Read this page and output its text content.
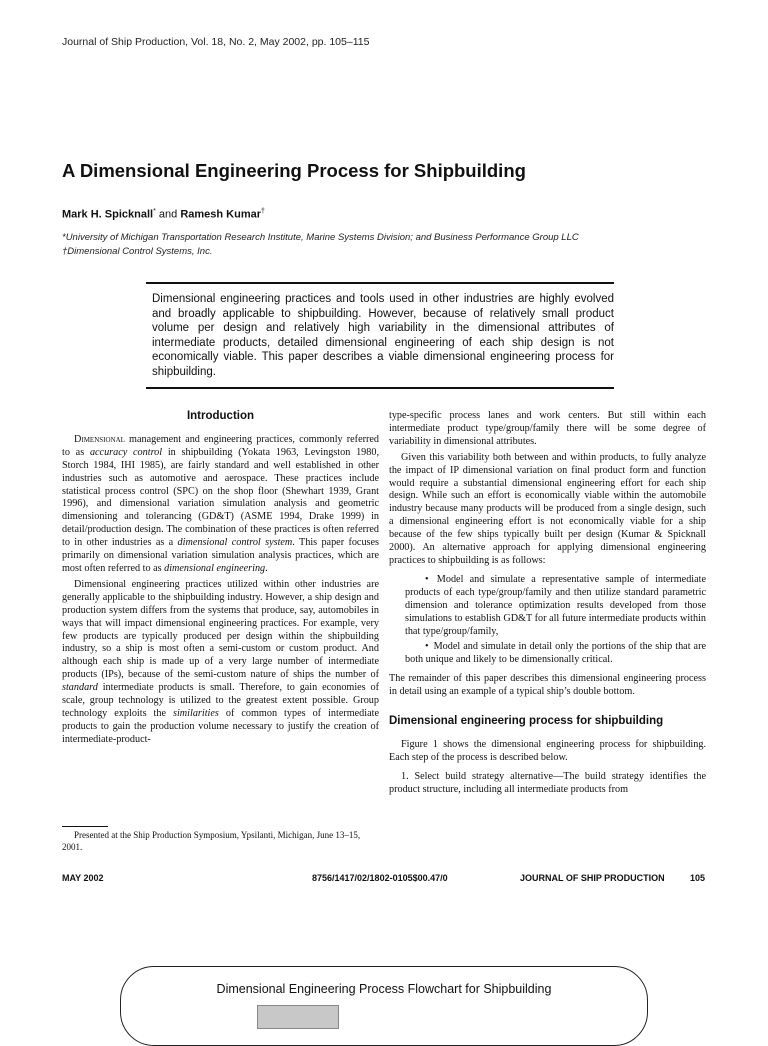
Journal of Ship Production, Vol. 18, No. 2, May 2002, pp. 105–115
A Dimensional Engineering Process for Shipbuilding
Mark H. Spicknall* and Ramesh Kumar†
*University of Michigan Transportation Research Institute, Marine Systems Division; and Business Performance Group LLC
†Dimensional Control Systems, Inc.
Dimensional engineering practices and tools used in other industries are highly evolved and broadly applicable to shipbuilding. However, because of relatively small product volume per design and relatively high variability in the dimensional attributes of intermediate products, detailed dimensional engineering of each ship design is not economically viable. This paper describes a viable dimensional engineering process for shipbuilding.
Introduction

Dimensional management and engineering practices, commonly referred to as accuracy control in shipbuilding (Yokata 1963, Levingston 1980, Storch 1984, IHI 1985), are fairly standard and well established in other industries such as automotive and aerospace. These practices include statistical process control (SPC) on the shop floor (Shewhart 1939, Grant 1996), and dimensional variation simulation analysis and geometric dimensioning and tolerancing (GD&T) (ASME 1994, Drake 1999) in detail/production design. The combination of these practices is often referred to in other industries as a dimensional control system. This paper focuses primarily on dimensional variation simulation analysis practices, which are most often referred to as dimensional engineering.

Dimensional engineering practices utilized within other industries are generally applicable to the shipbuilding industry. However, a ship design and production system differs from the systems that produce, say, automobiles in ways that will impact dimensional engineering practices. For example, very few products are typically produced per design within the shipbuilding industry, so a ship is most often a semi-custom or custom product. And although each ship is made up of a very large number of intermediate products (IPs), because of the semi-custom nature of ships the number of standard intermediate products is small. Therefore, to gain economies of scale, group technology is utilized to the greatest extent possible. Group technology exploits the similarities of common types of intermediate products to gain the production volume necessary to justify the creation of intermediate-product-

type-specific process lanes and work centers. But still within each intermediate product type/group/family there will be some degree of variability in dimensional attributes.

Given this variability both between and within products, to fully analyze the impact of IP dimensional variation on final product form and function would require a substantial dimensional engineering effort for each ship design. While such an effort is economically viable within the automobile industry because many products will be produced from a single design, such a dimensional engineering effort is not economically viable for a ship because of the few ships typically built per design (Kumar & Spicknall 2000). An alternative approach for applying dimensional engineering practices to shipbuilding is as follows:

• Model and simulate a representative sample of intermediate products of each type/group/family and then utilize standard parametric dimension and tolerance optimization results developed from those simulations to establish GD&T for all future intermediate products within that type/group/family,

• Model and simulate in detail only the portions of the ship that are both unique and likely to be dimensionally critical.

The remainder of this paper describes this dimensional engineering process in detail using an example of a typical ship’s double bottom.

Dimensional engineering process for shipbuilding

Figure 1 shows the dimensional engineering process for shipbuilding. Each step of the process is described below.

1. Select build strategy alternative—The build strategy identifies the product structure, including all intermediate products from

Presented at the Ship Production Symposium, Ypsilanti, Michigan, June 13–15, 2001.
MAY 2002	8756/1417/02/1802-0105$00.47/0	JOURNAL OF SHIP PRODUCTION	105
Dimensional Engineering Process Flowchart for Shipbuilding
